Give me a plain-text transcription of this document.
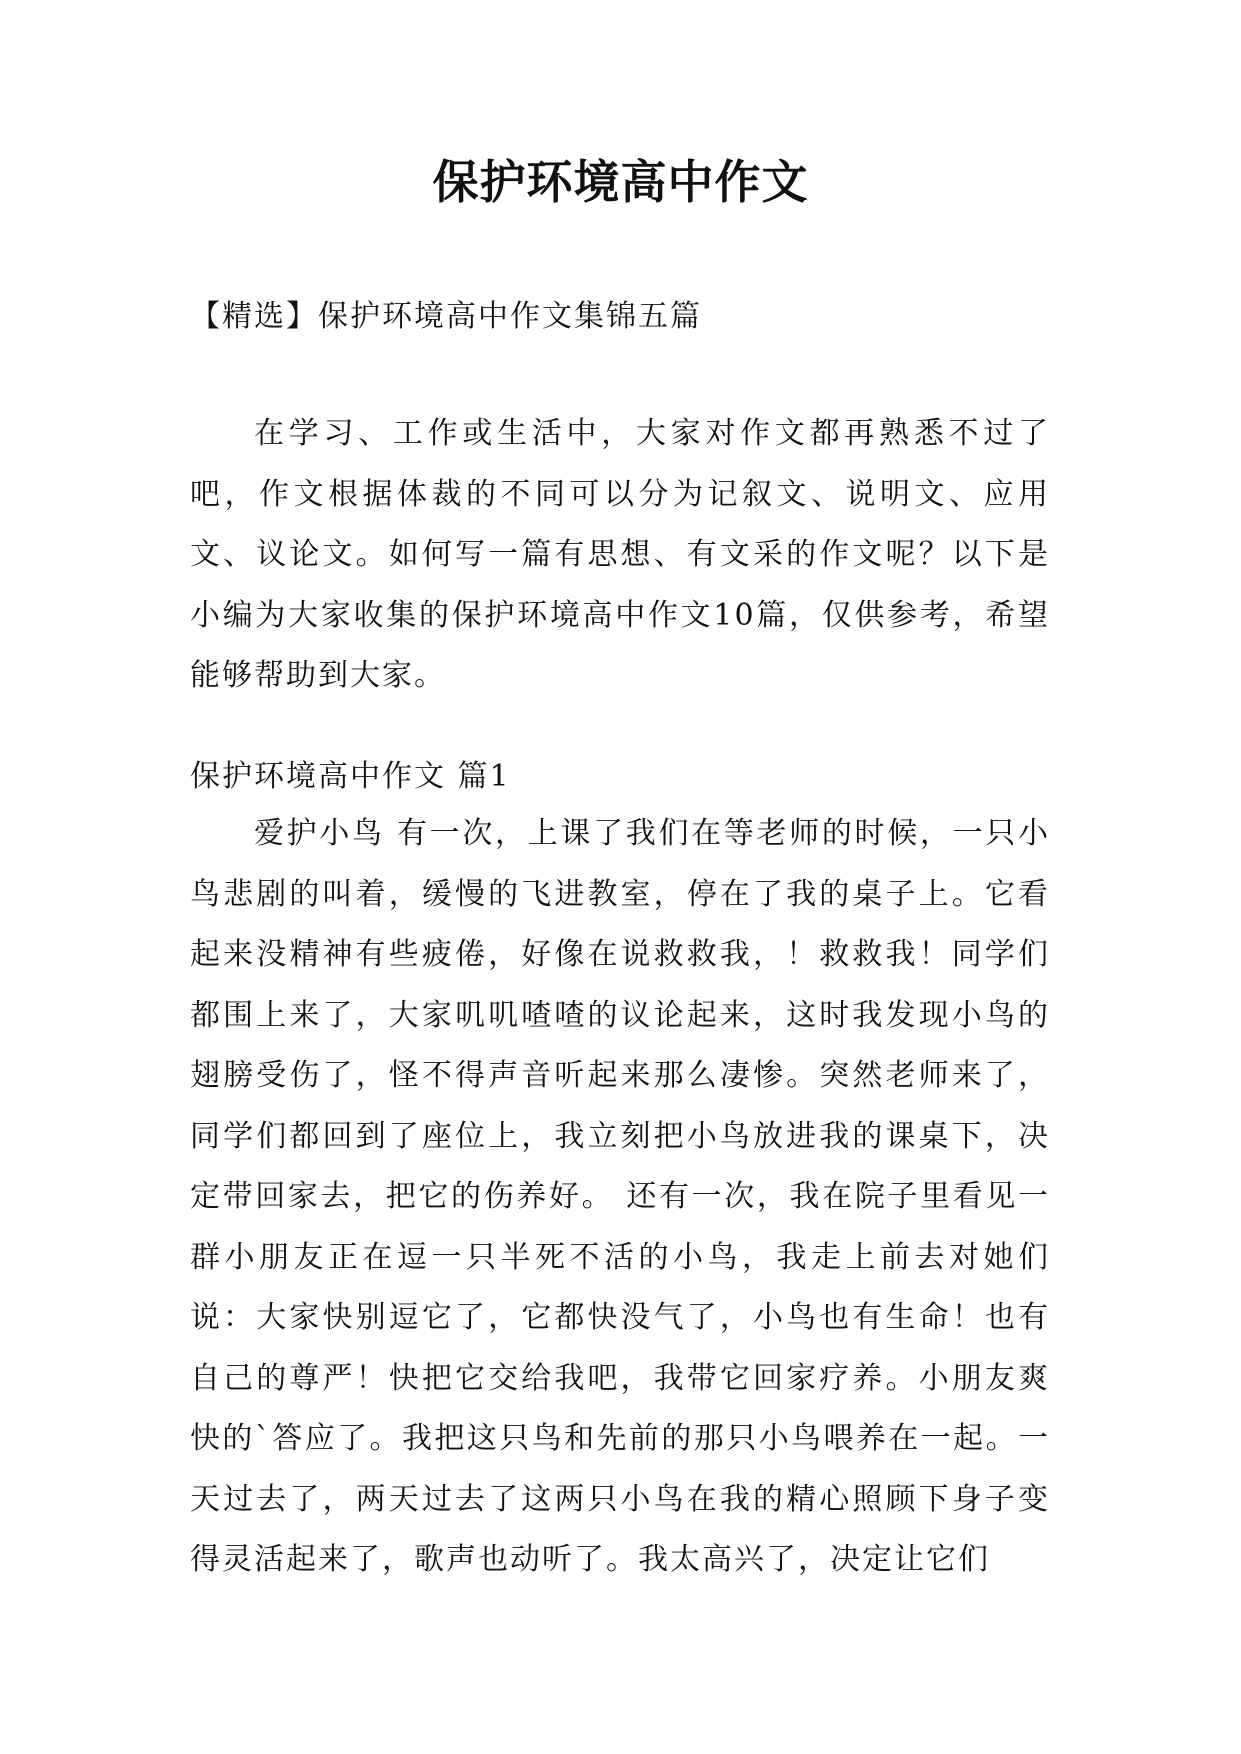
保护环境高中作文
【精选】保护环境高中作文集锦五篇
在学习、工作或生活中，大家对作文都再熟悉不过了吧，作文根据体裁的不同可以分为记叙文、说明文、应用文、议论文。如何写一篇有思想、有文采的作文呢？以下是小编为大家收集的保护环境高中作文10篇，仅供参考，希望能够帮助到大家。
保护环境高中作文 篇1
爱护小鸟 有一次，上课了我们在等老师的时候，一只小鸟悲剧的叫着，缓慢的飞进教室，停在了我的桌子上。它看起来没精神有些疲倦，好像在说救救我，！救救我！同学们都围上来了，大家叽叽喳喳的议论起来，这时我发现小鸟的翅膀受伤了，怪不得声音听起来那么凄惨。突然老师来了，同学们都回到了座位上，我立刻把小鸟放进我的课桌下，决定带回家去，把它的伤养好。 还有一次，我在院子里看见一群小朋友正在逗一只半死不活的小鸟，我走上前去对她们说：大家快别逗它了，它都快没气了，小鸟也有生命！也有自己的尊严！快把它交给我吧，我带它回家疗养。小朋友爽快的`答应了。我把这只鸟和先前的那只小鸟喂养在一起。一天过去了，两天过去了这两只小鸟在我的精心照顾下身子变得灵活起来了，歌声也动听了。我太高兴了，决定让它们
